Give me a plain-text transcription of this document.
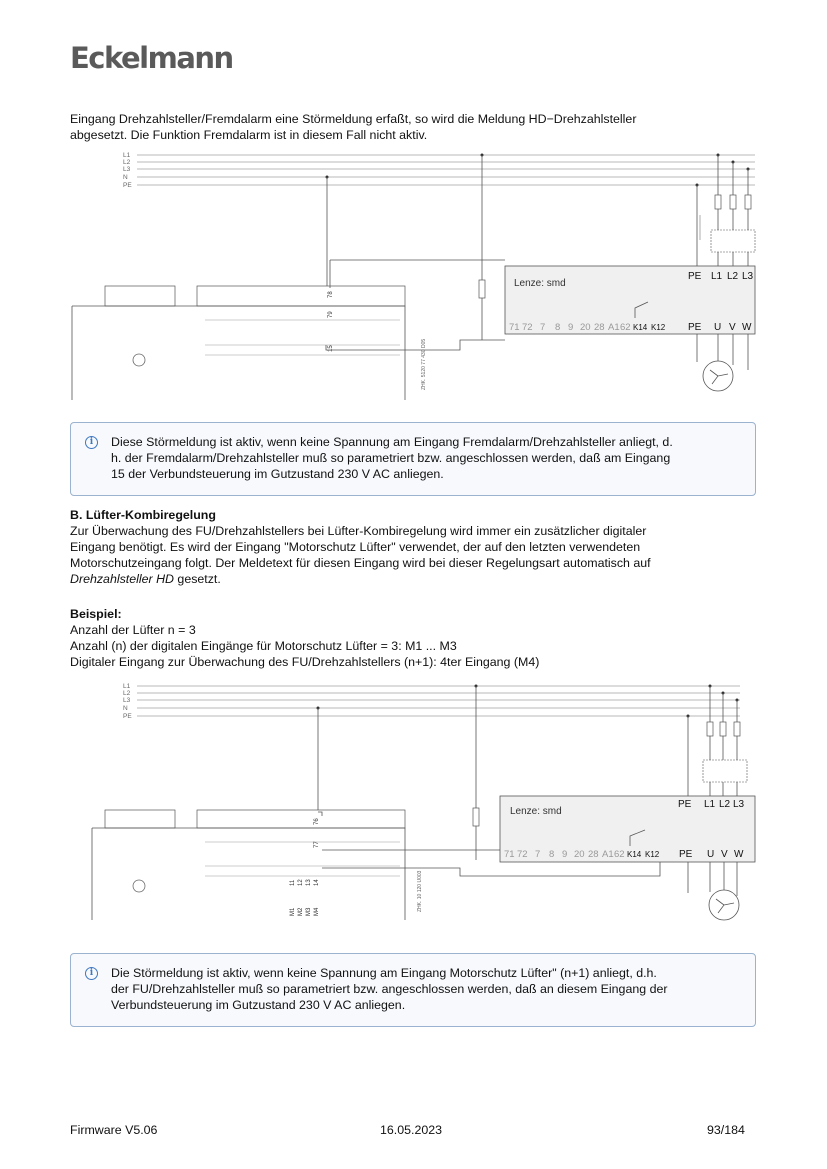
Eckelmann

Eingang Drehzahlsteller/Fremdalarm eine Störmeldung erfaßt, so wird die Meldung HD−Drehzahlsteller

abgesetzt. Die Funktion Fremdalarm ist in diesem Fall nicht aktiv.

L1
L2
L3
N
PE
78
79
15	ZHK. 5120 77 430 D05
Lenze: smd
PE L1 L2 L3
71 72 7 8 9 20 28 A1 62 K14 K12 PE U V W
i	Diese Störmeldung ist aktiv, wenn keine Spannung am Eingang Fremdalarm/Drehzahlsteller anliegt, d.
h. der Fremdalarm/Drehzahlsteller muß so parametriert bzw. angeschlossen werden, daß am Eingang
15 der Verbundsteuerung im Gutzustand 230 V AC anliegen.

B. Lüfter-Kombiregelung

Zur Überwachung des FU/Drehzahlstellers bei Lüfter-Kombiregelung wird immer ein zusätzlicher digitaler

Eingang benötigt. Es wird der Eingang "Motorschutz Lüfter" verwendet, der auf den letzten verwendeten

Motorschutzeingang folgt. Der Meldetext für diesen Eingang wird bei dieser Regelungsart automatisch auf

Drehzahlsteller HD gesetzt.

Beispiel:

Anzahl der Lüfter n = 3

Anzahl (n) der digitalen Eingänge für Motorschutz Lüfter = 3: M1 ... M3

Digitaler Eingang zur Überwachung des FU/Drehzahlstellers (n+1): 4ter Eingang (M4)

L1
L2
L3
N
PE
76
77
11 12 13 14
M1 M2 M3 M4	ZHK. 10 120 U003
Lenze: smd
PE L1 L2 L3
71 72 7 8 9 20 28 A1 62 K14 K12 PE U V W
i	Die Störmeldung ist aktiv, wenn keine Spannung am Eingang Motorschutz Lüfter" (n+1) anliegt, d.h.
der FU/Drehzahlsteller muß so parametriert bzw. angeschlossen werden, daß an diesem Eingang der
Verbundsteuerung im Gutzustand 230 V AC anliegen.
Firmware V5.06	16.05.2023	93/184
